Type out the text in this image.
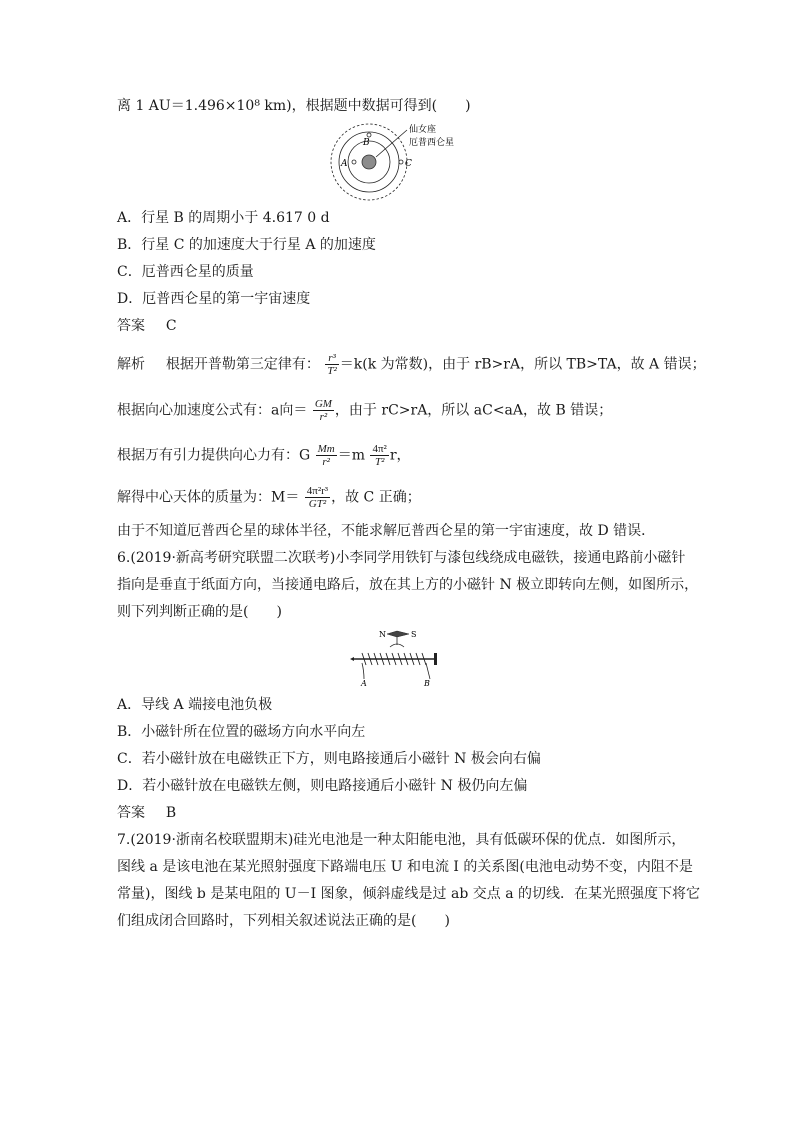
离 1 AU＝1.496×10⁸ km)，根据题中数据可得到(　　)
A
B
C
仙女座
厄普西仑星
A．行星 B 的周期小于 4.617 0 d
B．行星 C 的加速度大于行星 A 的加速度
C．厄普西仑星的质量
D．厄普西仑星的第一宇宙速度
答案 C
解析 根据开普勒第三定律有： $\frac{\text{r³}}{\text{T²}} =k(k$ 为常数)，由于 rB>rA，所以 TB>TA，故 A 错误；
根据向心加速度公式有：a向＝ $\frac{GM}{\text{r²}}$ ，由于 rC>rA，所以 aC<aA，故 B 错误；
根据万有引力提供向心力有：G $\frac{Mm}{\text{r²}} =m \frac{\text{4π²}}{\text{T²}}$ r，
解得中心天体的质量为：$M= \frac{\text{4π²r³}}{\text{GT²}}$ ，故 C 正确；
由于不知道厄普西仑星的球体半径，不能求解厄普西仑星的第一宇宙速度，故 D 错误．
6.(2019·新高考研究联盟二次联考)小李同学用铁钉与漆包线绕成电磁铁，接通电路前小磁针
指向是垂直于纸面方向，当接通电路后，放在其上方的小磁针 N 极立即转向左侧，如图所示，
则下列判断正确的是(　　)
N	S
A	B
A．导线 A 端接电池负极
B．小磁针所在位置的磁场方向水平向左
C．若小磁针放在电磁铁正下方，则电路接通后小磁针 N 极会向右偏
D．若小磁针放在电磁铁左侧，则电路接通后小磁针 N 极仍向左偏
答案 B
7.(2019·浙南名校联盟期末)硅光电池是一种太阳能电池，具有低碳环保的优点．如图所示，
图线 a 是该电池在某光照射强度下路端电压 U 和电流 I 的关系图(电池电动势不变，内阻不是
常量)，图线 b 是某电阻的 U－I 图象，倾斜虚线是过 ab 交点 a 的切线．在某光照强度下将它
们组成闭合回路时，下列相关叙述说法正确的是(　　)
